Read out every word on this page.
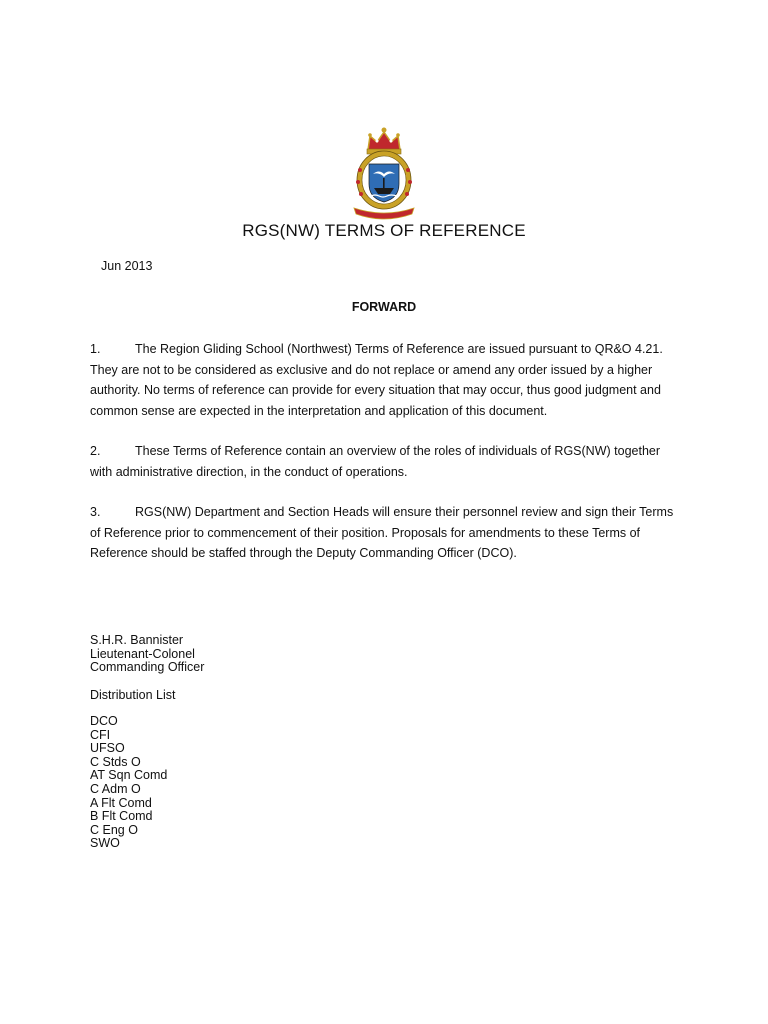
RGS(NW) TERMS OF REFERENCE
Jun 2013
FORWARD
1.	The Region Gliding School (Northwest) Terms of Reference are issued pursuant to QR&O 4.21.
They are not to be considered as exclusive and do not replace or amend any order issued by a higher
authority. No terms of reference can provide for every situation that may occur, thus good judgment and
common sense are expected in the interpretation and application of this document.
2.	These Terms of Reference contain an overview of the roles of individuals of RGS(NW) together
with administrative direction, in the conduct of operations.
3.	RGS(NW) Department and Section Heads will ensure their personnel review and sign their Terms
of Reference prior to commencement of their position. Proposals for amendments to these Terms of
Reference should be staffed through the Deputy Commanding Officer (DCO).
S.H.R. Bannister
Lieutenant-Colonel
Commanding Officer
Distribution List
DCO
CFI
UFSO
C Stds O
AT Sqn Comd
C Adm O
A Flt Comd
B Flt Comd
C Eng O
SWO
